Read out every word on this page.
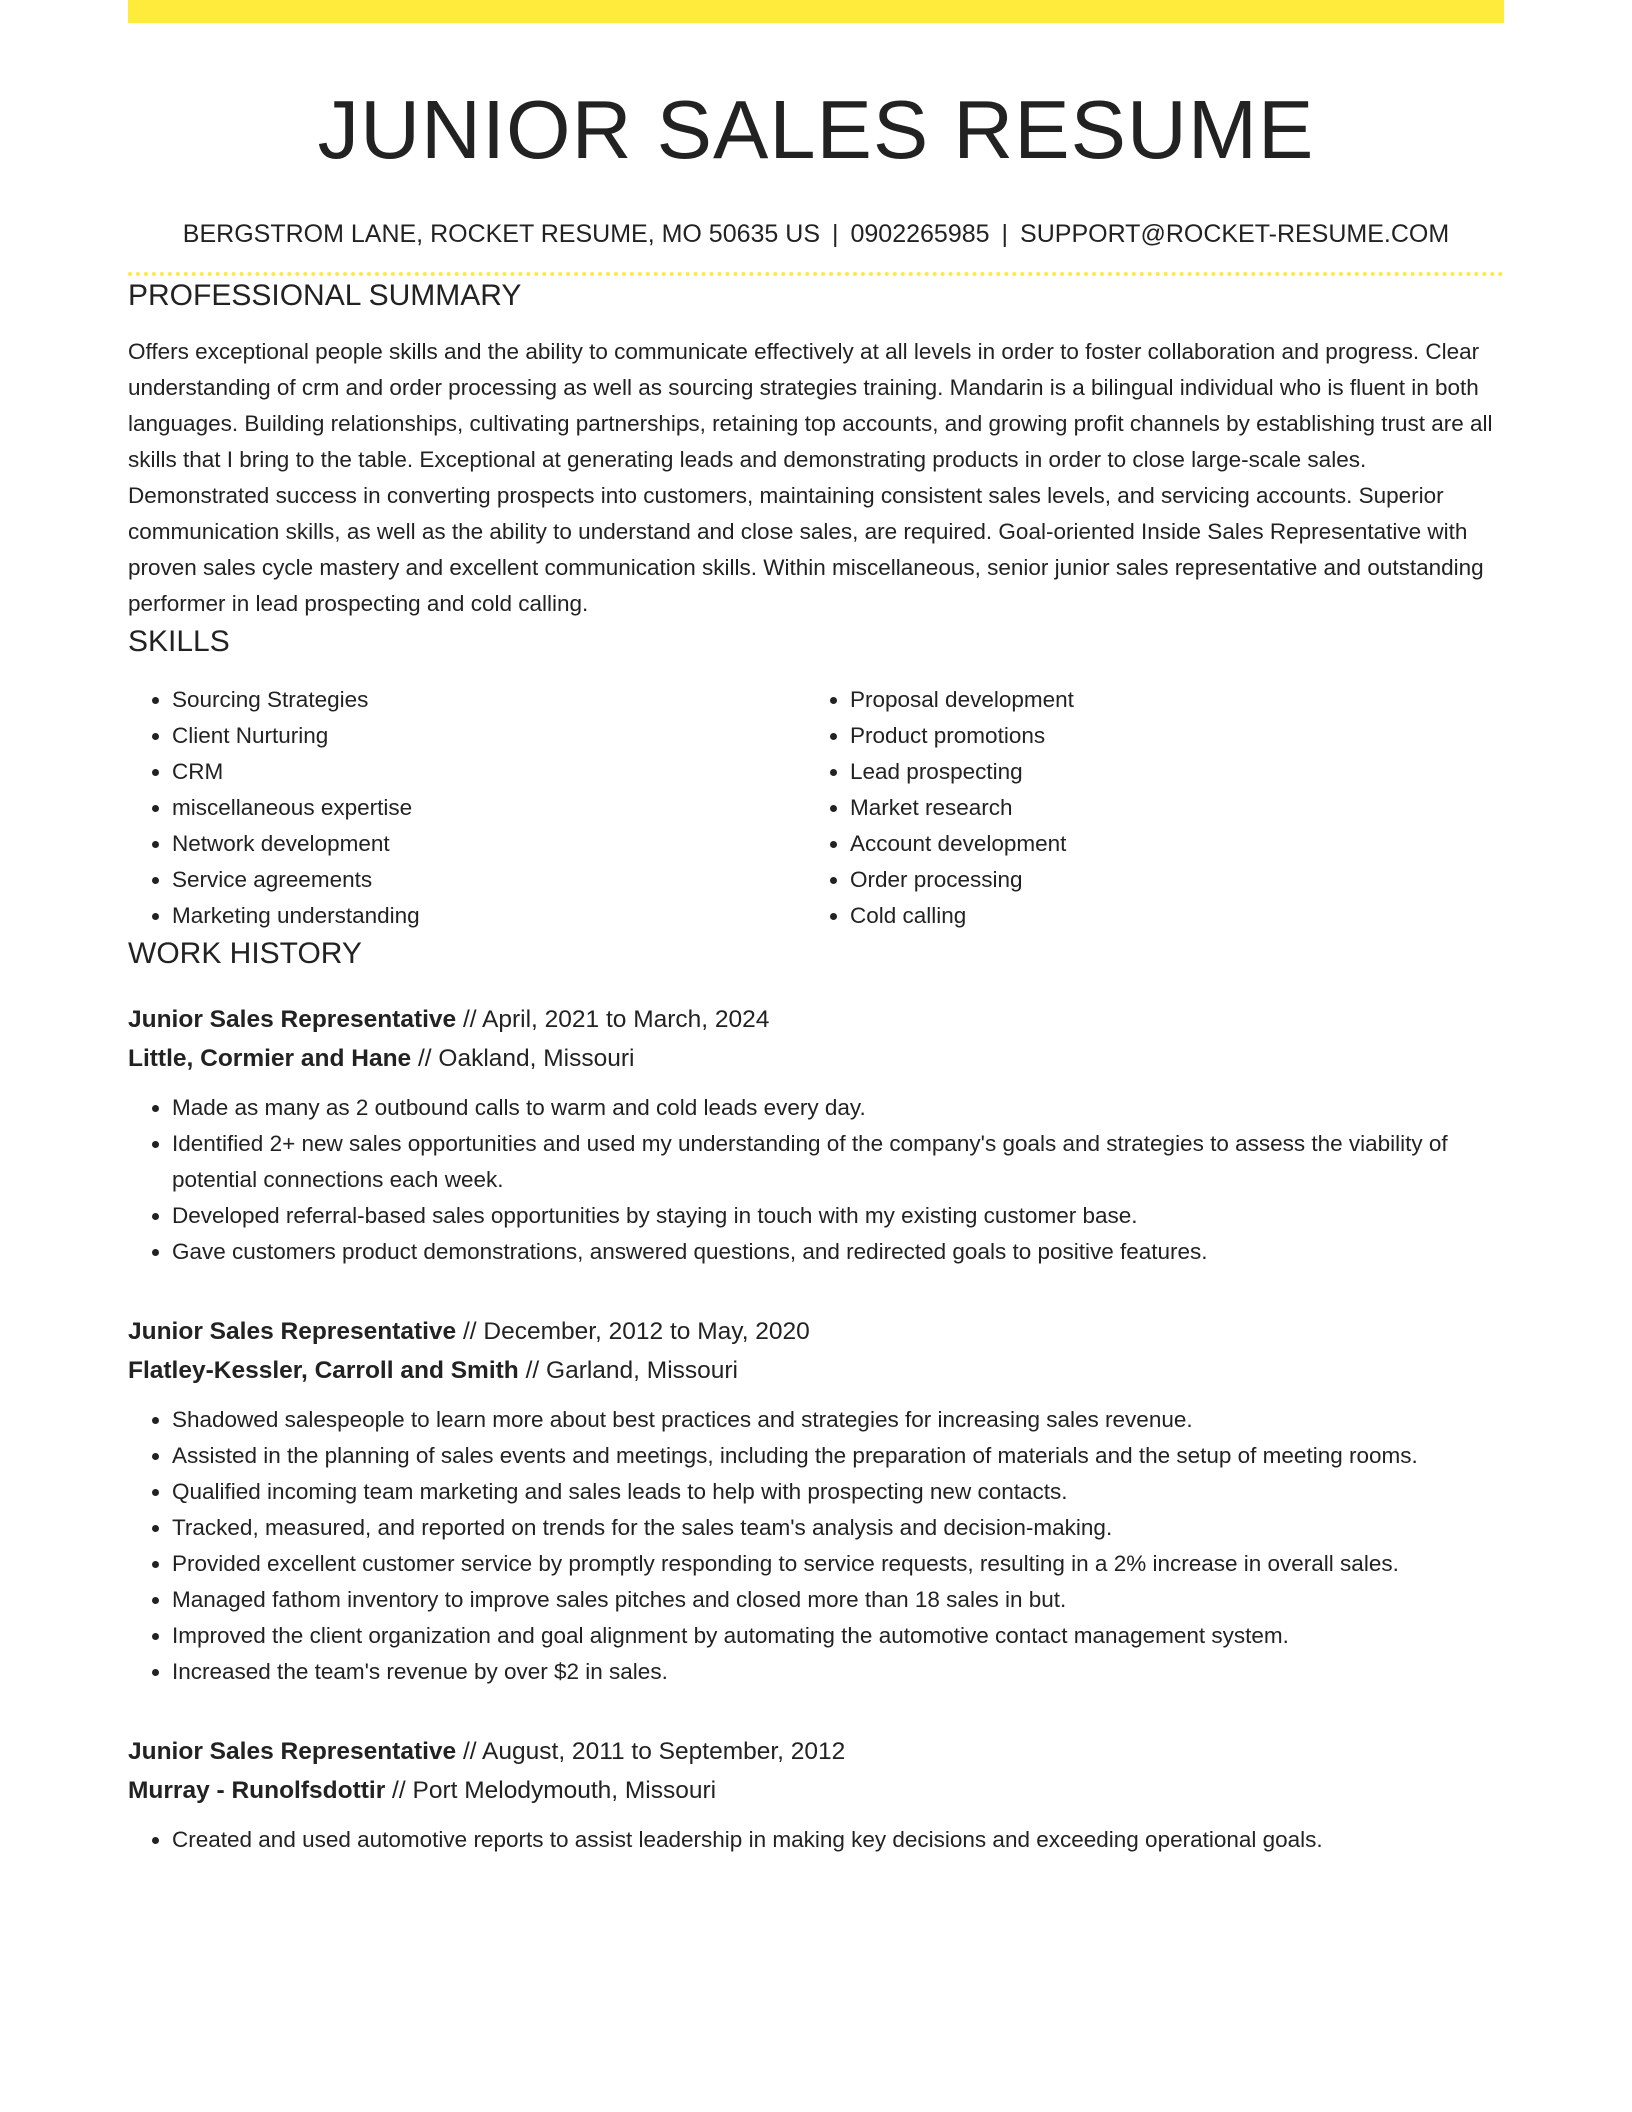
JUNIOR SALES RESUME
BERGSTROM LANE, ROCKET RESUME, MO 50635 US | 0902265985 | SUPPORT@ROCKET-RESUME.COM
PROFESSIONAL SUMMARY

Offers exceptional people skills and the ability to communicate effectively at all levels in order to foster collaboration and progress. Clear understanding of crm and order processing as well as sourcing strategies training. Mandarin is a bilingual individual who is fluent in both languages. Building relationships, cultivating partnerships, retaining top accounts, and growing profit channels by establishing trust are all skills that I bring to the table. Exceptional at generating leads and demonstrating products in order to close large-scale sales. Demonstrated success in converting prospects into customers, maintaining consistent sales levels, and servicing accounts. Superior communication skills, as well as the ability to understand and close sales, are required. Goal-oriented Inside Sales Representative with proven sales cycle mastery and excellent communication skills. Within miscellaneous, senior junior sales representative and outstanding performer in lead prospecting and cold calling.

SKILLS
• Sourcing Strategies
• Client Nurturing
• CRM
• miscellaneous expertise
• Network development
• Service agreements
• Marketing understanding
• Proposal development
• Product promotions
• Lead prospecting
• Market research
• Account development
• Order processing
• Cold calling
WORK HISTORY
Junior Sales Representative // April, 2021 to March, 2024
Little, Cormier and Hane // Oakland, Missouri
• Made as many as 2 outbound calls to warm and cold leads every day.
• Identified 2+ new sales opportunities and used my understanding of the company's goals and strategies to assess the viability of potential connections each week.
• Developed referral-based sales opportunities by staying in touch with my existing customer base.
• Gave customers product demonstrations, answered questions, and redirected goals to positive features.
Junior Sales Representative // December, 2012 to May, 2020
Flatley-Kessler, Carroll and Smith // Garland, Missouri
• Shadowed salespeople to learn more about best practices and strategies for increasing sales revenue.
• Assisted in the planning of sales events and meetings, including the preparation of materials and the setup of meeting rooms.
• Qualified incoming team marketing and sales leads to help with prospecting new contacts.
• Tracked, measured, and reported on trends for the sales team's analysis and decision-making.
• Provided excellent customer service by promptly responding to service requests, resulting in a 2% increase in overall sales.
• Managed fathom inventory to improve sales pitches and closed more than 18 sales in but.
• Improved the client organization and goal alignment by automating the automotive contact management system.
• Increased the team's revenue by over $2 in sales.
Junior Sales Representative // August, 2011 to September, 2012
Murray - Runolfsdottir // Port Melodymouth, Missouri
• Created and used automotive reports to assist leadership in making key decisions and exceeding operational goals.
